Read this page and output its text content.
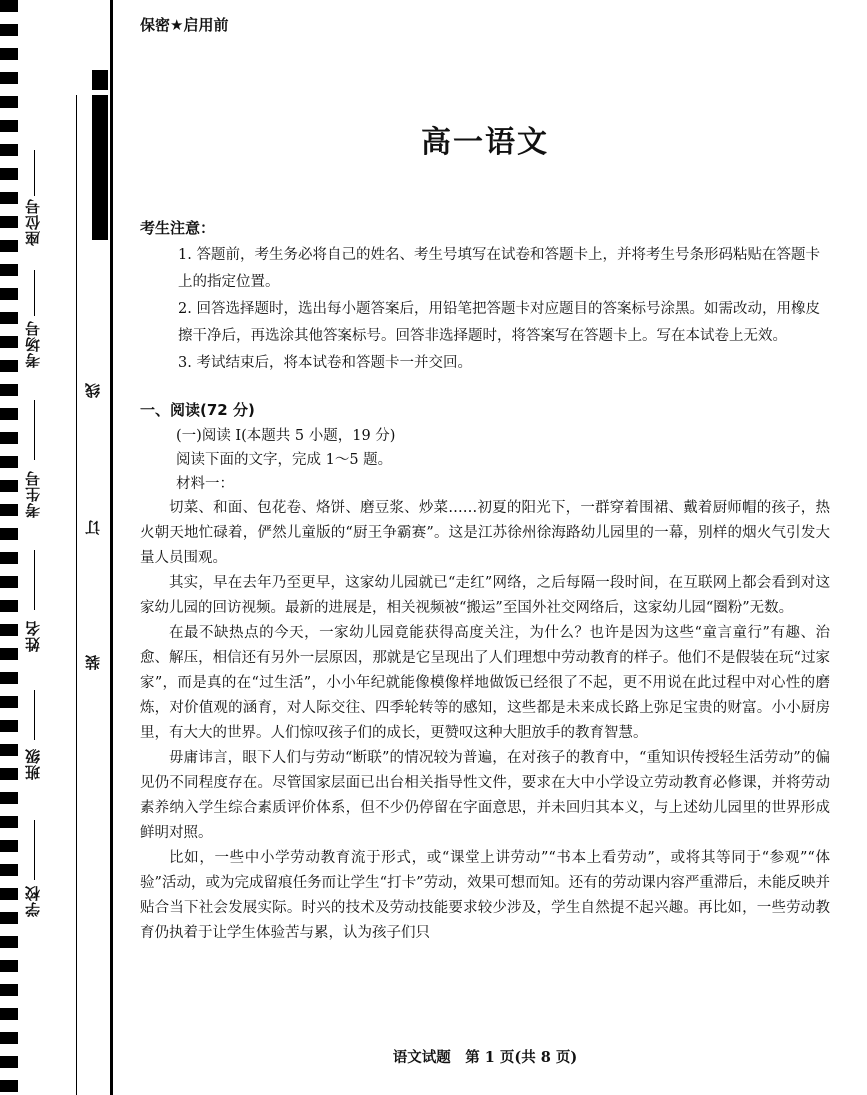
座位号
考场号
考生号
姓名
班级
学校
线
订
装

保密★启用前

高一语文

考生注意：

1. 答题前，考生务必将自己的姓名、考生号填写在试卷和答题卡上，并将考生号条形码粘贴在答题卡上的指定位置。

2. 回答选择题时，选出每小题答案后，用铅笔把答题卡对应题目的答案标号涂黑。如需改动，用橡皮擦干净后，再选涂其他答案标号。回答非选择题时，将答案写在答题卡上。写在本试卷上无效。

3. 考试结束后，将本试卷和答题卡一并交回。

一、阅读(72 分)

(一)阅读 Ⅰ(本题共 5 小题，19 分)

阅读下面的文字，完成 1～5 题。

材料一：

切菜、和面、包花卷、烙饼、磨豆浆、炒菜……初夏的阳光下，一群穿着围裙、戴着厨师帽的孩子，热火朝天地忙碌着，俨然儿童版的“厨王争霸赛”。这是江苏徐州徐海路幼儿园里的一幕，别样的烟火气引发大量人员围观。

其实，早在去年乃至更早，这家幼儿园就已“走红”网络，之后每隔一段时间，在互联网上都会看到对这家幼儿园的回访视频。最新的进展是，相关视频被“搬运”至国外社交网络后，这家幼儿园“圈粉”无数。

在最不缺热点的今天，一家幼儿园竟能获得高度关注，为什么？也许是因为这些“童言童行”有趣、治愈、解压，相信还有另外一层原因，那就是它呈现出了人们理想中劳动教育的样子。他们不是假装在玩“过家家”，而是真的在“过生活”，小小年纪就能像模像样地做饭已经很了不起，更不用说在此过程中对心性的磨炼，对价值观的涵育，对人际交往、四季轮转等的感知，这些都是未来成长路上弥足宝贵的财富。小小厨房里，有大大的世界。人们惊叹孩子们的成长，更赞叹这种大胆放手的教育智慧。

毋庸讳言，眼下人们与劳动“断联”的情况较为普遍，在对孩子的教育中，“重知识传授轻生活劳动”的偏见仍不同程度存在。尽管国家层面已出台相关指导性文件，要求在大中小学设立劳动教育必修课，并将劳动素养纳入学生综合素质评价体系，但不少仍停留在字面意思，并未回归其本义，与上述幼儿园里的世界形成鲜明对照。

比如，一些中小学劳动教育流于形式，或“课堂上讲劳动”“书本上看劳动”，或将其等同于“参观”“体验”活动，或为完成留痕任务而让学生“打卡”劳动，效果可想而知。还有的劳动课内容严重滞后，未能反映并贴合当下社会发展实际。时兴的技术及劳动技能要求较少涉及，学生自然提不起兴趣。再比如，一些劳动教育仍执着于让学生体验苦与累，认为孩子们只

语文试题　第 1 页(共 8 页)
